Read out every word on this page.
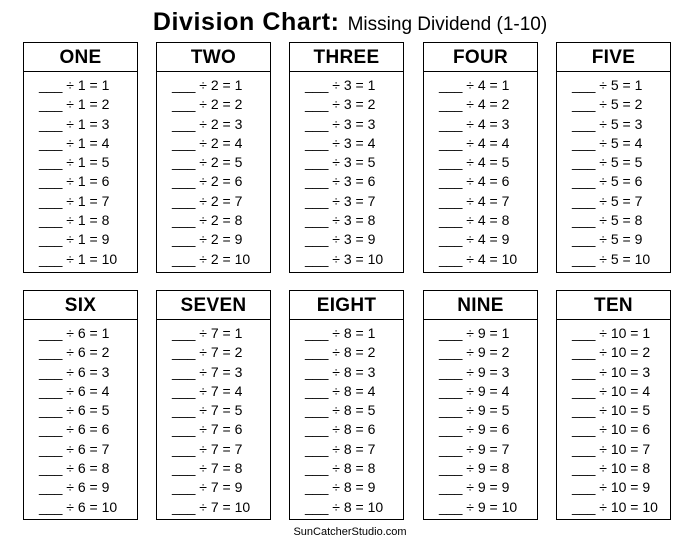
Division Chart: Missing Dividend (1-10)
ONE
___ ÷ 1 = 1
___ ÷ 1 = 2
___ ÷ 1 = 3
___ ÷ 1 = 4
___ ÷ 1 = 5
___ ÷ 1 = 6
___ ÷ 1 = 7
___ ÷ 1 = 8
___ ÷ 1 = 9
___ ÷ 1 = 10
TWO
___ ÷ 2 = 1
___ ÷ 2 = 2
___ ÷ 2 = 3
___ ÷ 2 = 4
___ ÷ 2 = 5
___ ÷ 2 = 6
___ ÷ 2 = 7
___ ÷ 2 = 8
___ ÷ 2 = 9
___ ÷ 2 = 10
THREE
___ ÷ 3 = 1
___ ÷ 3 = 2
___ ÷ 3 = 3
___ ÷ 3 = 4
___ ÷ 3 = 5
___ ÷ 3 = 6
___ ÷ 3 = 7
___ ÷ 3 = 8
___ ÷ 3 = 9
___ ÷ 3 = 10
FOUR
___ ÷ 4 = 1
___ ÷ 4 = 2
___ ÷ 4 = 3
___ ÷ 4 = 4
___ ÷ 4 = 5
___ ÷ 4 = 6
___ ÷ 4 = 7
___ ÷ 4 = 8
___ ÷ 4 = 9
___ ÷ 4 = 10
FIVE
___ ÷ 5 = 1
___ ÷ 5 = 2
___ ÷ 5 = 3
___ ÷ 5 = 4
___ ÷ 5 = 5
___ ÷ 5 = 6
___ ÷ 5 = 7
___ ÷ 5 = 8
___ ÷ 5 = 9
___ ÷ 5 = 10
SIX
___ ÷ 6 = 1
___ ÷ 6 = 2
___ ÷ 6 = 3
___ ÷ 6 = 4
___ ÷ 6 = 5
___ ÷ 6 = 6
___ ÷ 6 = 7
___ ÷ 6 = 8
___ ÷ 6 = 9
___ ÷ 6 = 10
SEVEN
___ ÷ 7 = 1
___ ÷ 7 = 2
___ ÷ 7 = 3
___ ÷ 7 = 4
___ ÷ 7 = 5
___ ÷ 7 = 6
___ ÷ 7 = 7
___ ÷ 7 = 8
___ ÷ 7 = 9
___ ÷ 7 = 10
EIGHT
___ ÷ 8 = 1
___ ÷ 8 = 2
___ ÷ 8 = 3
___ ÷ 8 = 4
___ ÷ 8 = 5
___ ÷ 8 = 6
___ ÷ 8 = 7
___ ÷ 8 = 8
___ ÷ 8 = 9
___ ÷ 8 = 10
NINE
___ ÷ 9 = 1
___ ÷ 9 = 2
___ ÷ 9 = 3
___ ÷ 9 = 4
___ ÷ 9 = 5
___ ÷ 9 = 6
___ ÷ 9 = 7
___ ÷ 9 = 8
___ ÷ 9 = 9
___ ÷ 9 = 10
TEN
___ ÷ 10 = 1
___ ÷ 10 = 2
___ ÷ 10 = 3
___ ÷ 10 = 4
___ ÷ 10 = 5
___ ÷ 10 = 6
___ ÷ 10 = 7
___ ÷ 10 = 8
___ ÷ 10 = 9
___ ÷ 10 = 10
SunCatcherStudio.com
